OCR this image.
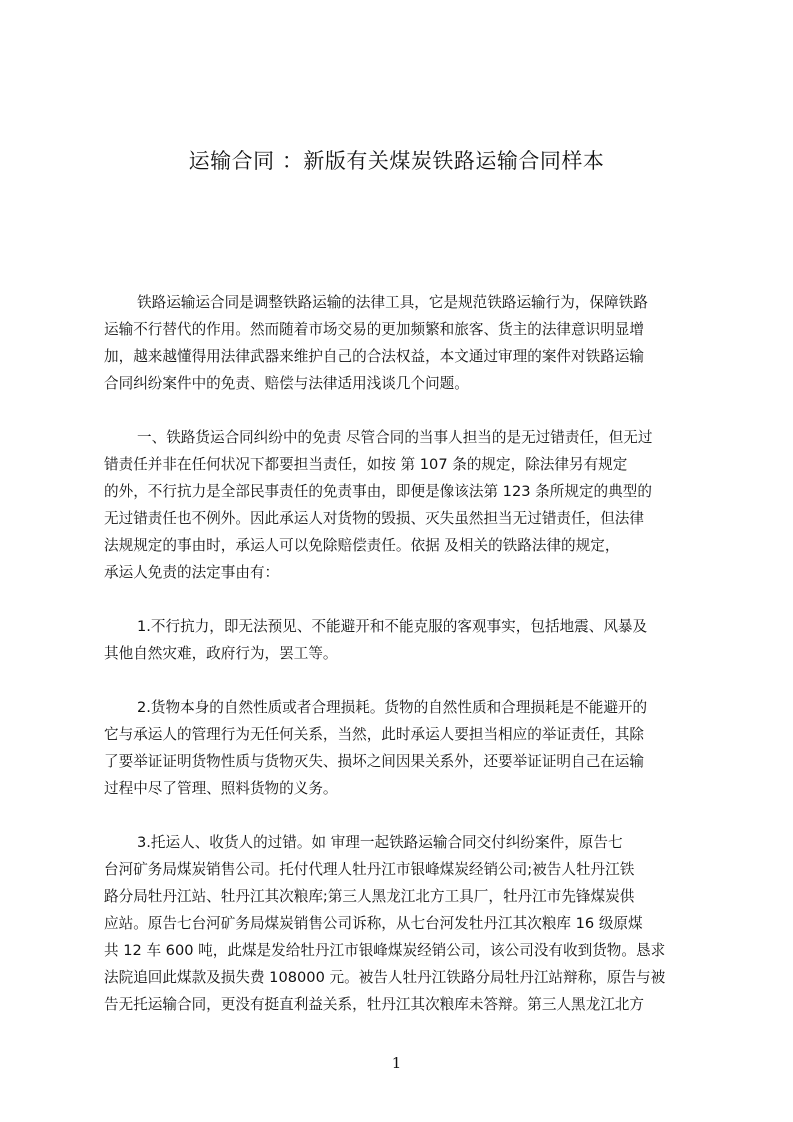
运输合同 ：新版有关煤炭铁路运输合同样本
铁路运输运合同是调整铁路运输的法律工具，它是规范铁路运输行为，保障铁路
运输不行替代的作用。然而随着市场交易的更加频繁和旅客、货主的法律意识明显增
加，越来越懂得用法律武器来维护自己的合法权益，本文通过审理的案件对铁路运输
合同纠纷案件中的免责、赔偿与法律适用浅谈几个问题。
一、铁路货运合同纠纷中的免责 尽管合同的当事人担当的是无过错责任，但无过
错责任并非在任何状况下都要担当责任，如按 第 107 条的规定，除法律另有规定
的外，不行抗力是全部民事责任的免责事由，即便是像该法第 123 条所规定的典型的
无过错责任也不例外。因此承运人对货物的毁损、灭失虽然担当无过错责任，但法律
法规规定的事由时，承运人可以免除赔偿责任。依据 及相关的铁路法律的规定，
承运人免责的法定事由有：
1.不行抗力，即无法预见、不能避开和不能克服的客观事实，包括地震、风暴及
其他自然灾难，政府行为，罢工等。
2.货物本身的自然性质或者合理损耗。货物的自然性质和合理损耗是不能避开的
它与承运人的管理行为无任何关系，当然，此时承运人要担当相应的举证责任，其除
了要举证证明货物性质与货物灭失、损坏之间因果关系外，还要举证证明自己在运输
过程中尽了管理、照料货物的义务。
3.托运人、收货人的过错。如 审理一起铁路运输合同交付纠纷案件，原告七
台河矿务局煤炭销售公司。托付代理人牡丹江市银峰煤炭经销公司;被告人牡丹江铁
路分局牡丹江站、牡丹江其次粮库;第三人黑龙江北方工具厂，牡丹江市先锋煤炭供
应站。原告七台河矿务局煤炭销售公司诉称，从七台河发牡丹江其次粮库 16 级原煤
共 12 车 600 吨，此煤是发给牡丹江市银峰煤炭经销公司，该公司没有收到货物。恳求
法院追回此煤款及损失费 108000 元。被告人牡丹江铁路分局牡丹江站辩称，原告与被
告无托运输合同，更没有挺直利益关系，牡丹江其次粮库未答辩。第三人黑龙江北方
1
